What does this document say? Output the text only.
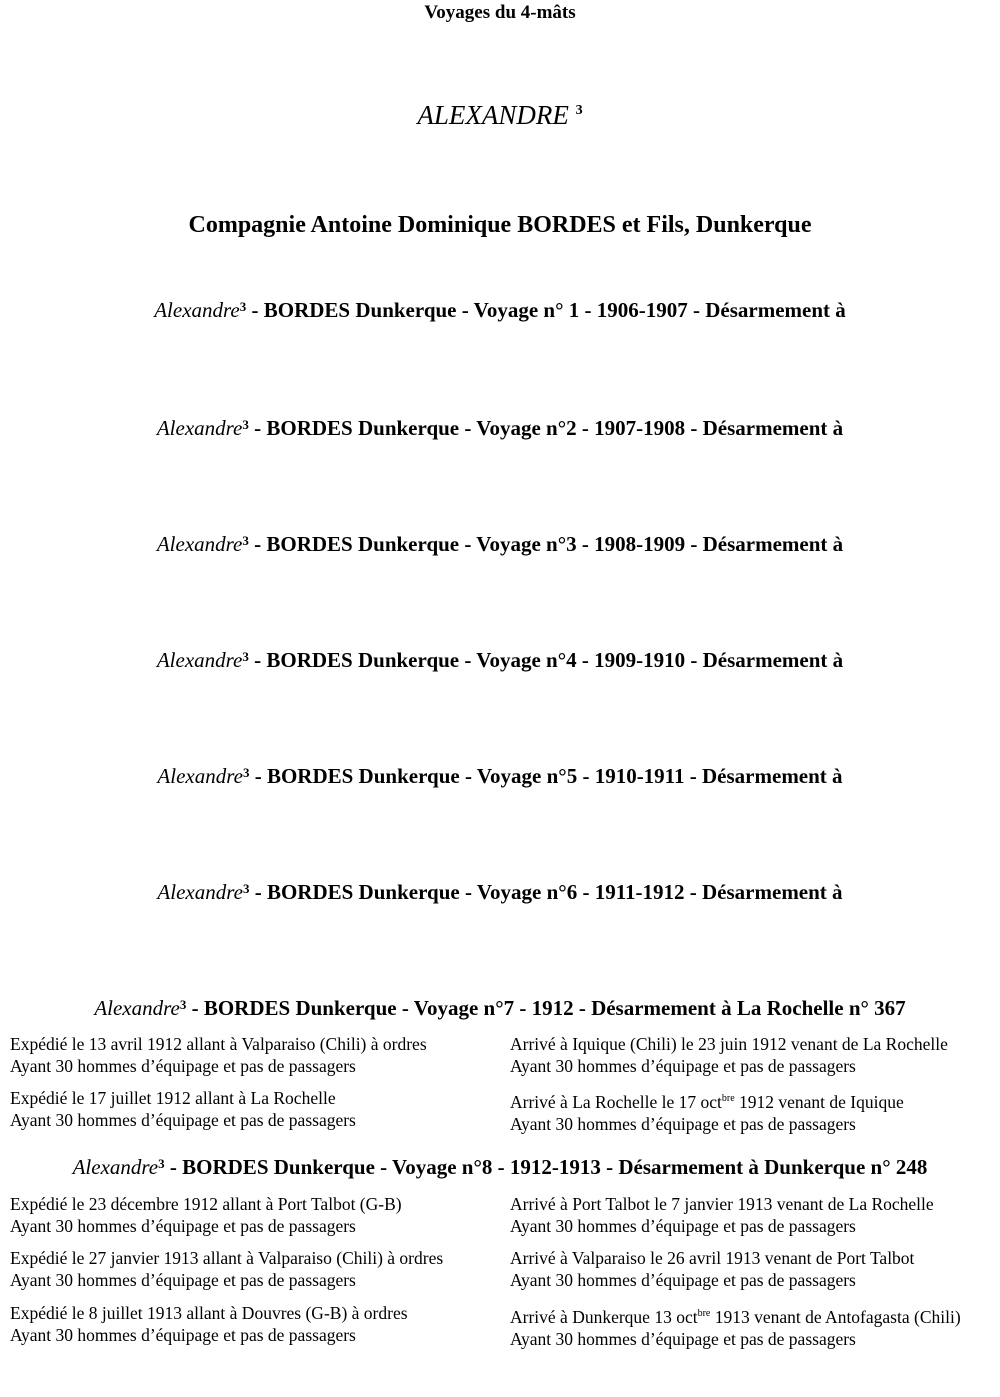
Voyages du 4-mâts
ALEXANDRE $^3$
Compagnie Antoine Dominique BORDES et Fils, Dunkerque
Alexandre$^3$ - BORDES Dunkerque - Voyage n° 1 - 1906-1907 - Désarmement à
Alexandre$^3$ - BORDES Dunkerque - Voyage n°2 - 1907-1908 - Désarmement à
Alexandre$^3$ - BORDES Dunkerque - Voyage n°3 - 1908-1909 - Désarmement à
Alexandre$^3$ - BORDES Dunkerque - Voyage n°4 - 1909-1910 - Désarmement à
Alexandre$^3$ - BORDES Dunkerque - Voyage n°5 - 1910-1911 - Désarmement à
Alexandre$^3$ - BORDES Dunkerque - Voyage n°6 - 1911-1912 - Désarmement à
Alexandre$^3$ - BORDES Dunkerque - Voyage n°7 - 1912 - Désarmement à La Rochelle n° 367
Expédié le 13 avril 1912 allant à Valparaiso (Chili) à ordres
Ayant 30 hommes d’équipage et pas de passagers
Arrivé à Iquique (Chili) le 23 juin 1912 venant de La Rochelle
Ayant 30 hommes d’équipage et pas de passagers
Expédié le 17 juillet 1912 allant à La Rochelle
Ayant 30 hommes d’équipage et pas de passagers
Arrivé à La Rochelle le 17 oct$^{bre}$ 1912 venant de Iquique
Ayant 30 hommes d’équipage et pas de passagers
Alexandre$^3$ - BORDES Dunkerque - Voyage n°8 - 1912-1913 - Désarmement à Dunkerque n° 248
Expédié le 23 décembre 1912 allant à Port Talbot (G-B)
Ayant 30 hommes d’équipage et pas de passagers
Arrivé à Port Talbot le 7 janvier 1913 venant de La Rochelle
Ayant 30 hommes d’équipage et pas de passagers
Expédié le 27 janvier 1913 allant à Valparaiso (Chili) à ordres
Ayant 30 hommes d’équipage et pas de passagers
Arrivé à Valparaiso le 26 avril 1913 venant de Port Talbot
Ayant 30 hommes d’équipage et pas de passagers
Expédié le 8 juillet 1913 allant à Douvres (G-B) à ordres
Ayant 30 hommes d’équipage et pas de passagers
Arrivé à Dunkerque 13 oct$^{bre}$ 1913 venant de Antofagasta (Chili)
Ayant 30 hommes d’équipage et pas de passagers
